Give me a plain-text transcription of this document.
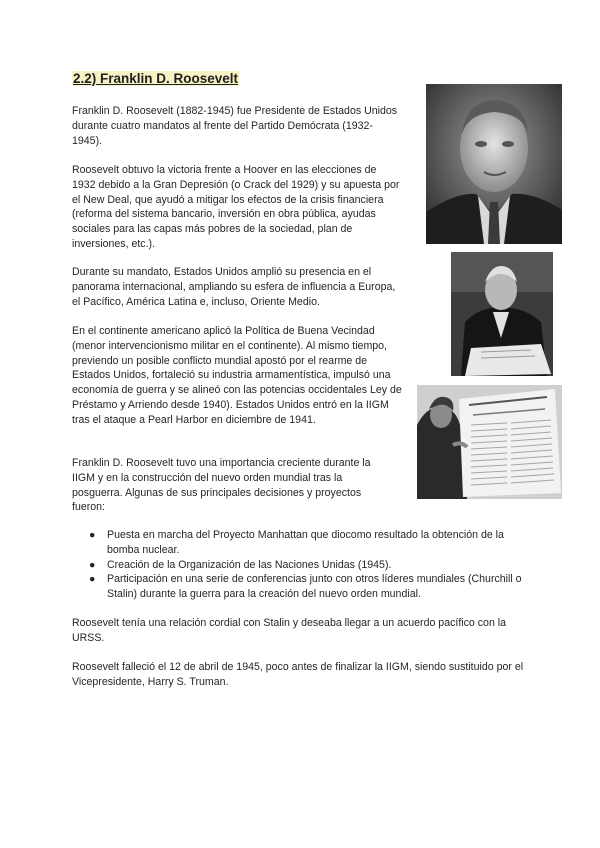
2.2) Franklin D. Roosevelt

Franklin D. Roosevelt (1882-1945) fue Presidente de Estados Unidos durante cuatro mandatos al frente del Partido Demócrata (1932-1945).

Roosevelt obtuvo la victoria frente a Hoover en las elecciones de 1932 debido a la Gran Depresión (o Crack del 1929) y su apuesta por el New Deal, que ayudó a mitigar los efectos de la crisis financiera (reforma del sistema bancario, inversión en obra pública, ayudas sociales para las capas más pobres de la sociedad, plan de inversiones, etc.).

Durante su mandato, Estados Unidos amplió su presencia en el panorama internacional, ampliando su esfera de influencia a Europa, el Pacífico, América Latina e, incluso, Oriente Medio.

En el continente americano aplicó la Política de Buena Vecindad (menor intervencionismo militar en el continente). Al mismo tiempo, previendo un posible conflicto mundial apostó por el rearme de Estados Unidos, fortaleció su industria armamentística, impulsó una economía de guerra y se alineó con las potencias occidentales Ley de Préstamo y Arriendo desde 1940). Estados Unidos entró en la IIGM tras el ataque a Pearl Harbor en diciembre de 1941.

Franklin D. Roosevelt tuvo una importancia creciente durante la IIGM y en la construcción del nuevo orden mundial tras la posguerra. Algunas de sus principales decisiones y proyectos fueron:

● Puesta en marcha del Proyecto Manhattan que diocomo resultado la obtención de la bomba nuclear.
● Creación de la Organización de las Naciones Unidas (1945).
● Participación en una serie de conferencias junto con otros líderes mundiales (Churchill o Stalin) durante la guerra para la creación del nuevo orden mundial.

Roosevelt tenía una relación cordial con Stalin y deseaba llegar a un acuerdo pacífico con la URSS.

Roosevelt falleció el 12 de abril de 1945, poco antes de finalizar la IIGM, siendo sustituido por el Vicepresidente, Harry S. Truman.
